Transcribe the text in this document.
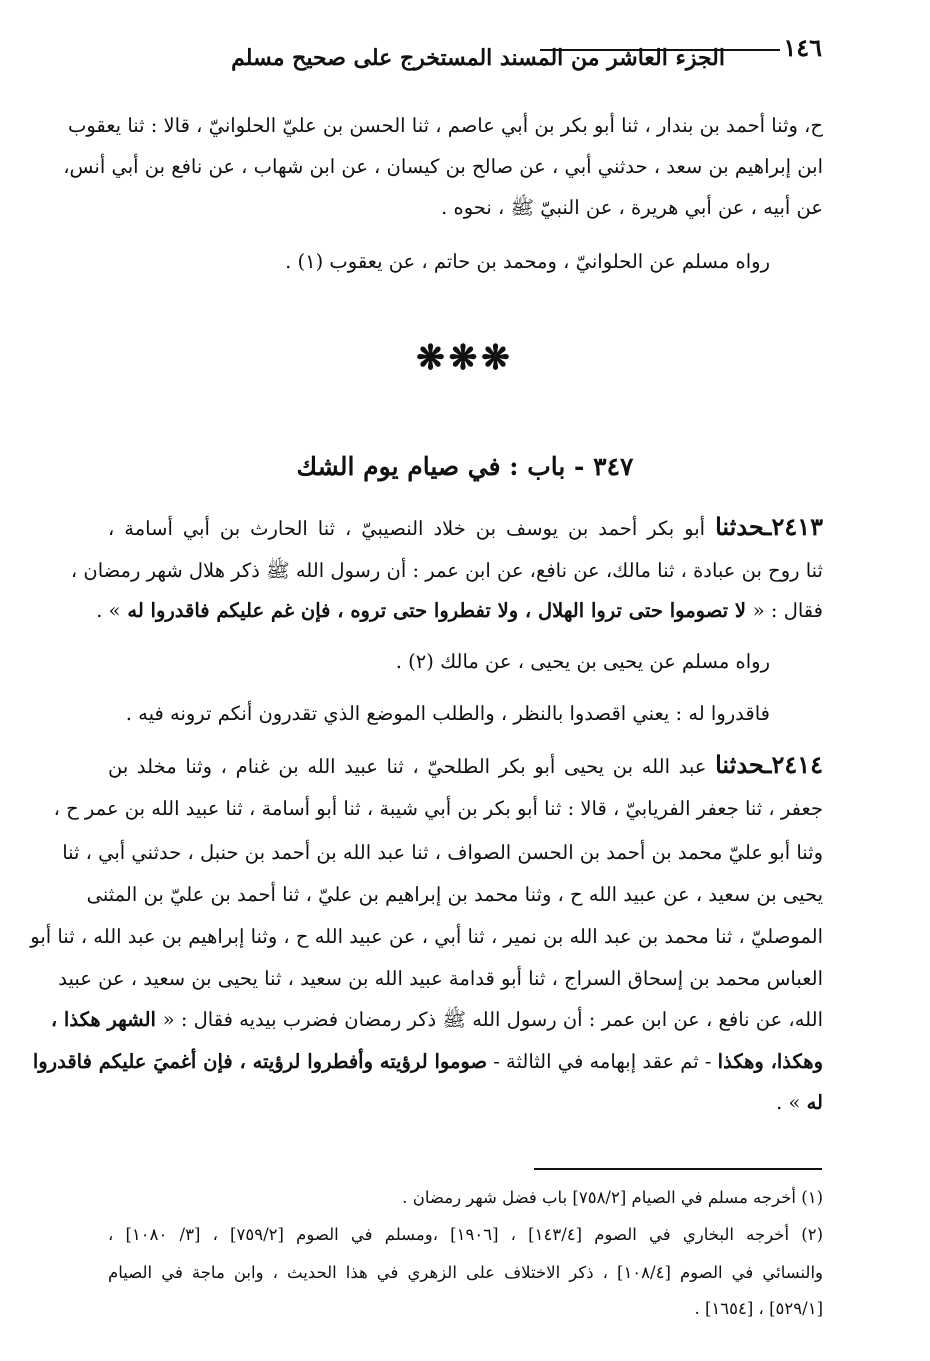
١٤٦
الجزء العاشر من المسند المستخرج على صحيح مسلم
ح، وثنا أحمد بن بندار ، ثنا أبو بكر بن أبي عاصم ، ثنا الحسن بن عليّ الحلوانيّ ، قالا : ثنا يعقوب
ابن إبراهيم بن سعد ، حدثني أبي ، عن صالح بن كيسان ، عن ابن شهاب ، عن نافع بن أبي أنس،
عن أبيه ، عن أبي هريرة ، عن النبيّ ﷺ ، نحوه .
رواه مسلم عن الحلوانيّ ، ومحمد بن حاتم ، عن يعقوب (١) .
❋❋❋
٣٤٧ - باب : في صيام يوم الشك
٢٤١٣ـحدثنا أبو بكر أحمد بن يوسف بن خلاد النصيبيّ ، ثنا الحارث بن أبي أسامة ،
ثنا روح بن عبادة ، ثنا مالك، عن نافع، عن ابن عمر : أن رسول الله ﷺ ذكر هلال شهر رمضان ،
فقال : « لا تصوموا حتى تروا الهلال ، ولا تفطروا حتى تروه ، فإن غم عليكم فاقدروا له » .
رواه مسلم عن يحيى بن يحيى ، عن مالك (٢) .
فاقدروا له : يعني اقصدوا بالنظر ، والطلب الموضع الذي تقدرون أنكم ترونه فيه .
٢٤١٤ـحدثنا عبد الله بن يحيى أبو بكر الطلحيّ ، ثنا عبيد الله بن غنام ، وثنا مخلد بن
جعفر ، ثنا جعفر الفريابيّ ، قالا : ثنا أبو بكر بن أبي شيبة ، ثنا أبو أسامة ، ثنا عبيد الله بن عمر ح ،
وثنا أبو عليّ محمد بن أحمد بن الحسن الصواف ، ثنا عبد الله بن أحمد بن حنبل ، حدثني أبي ، ثنا
يحيى بن سعيد ، عن عبيد الله ح ، وثنا محمد بن إبراهيم بن عليّ ، ثنا أحمد بن عليّ بن المثنى
الموصليّ ، ثنا محمد بن عبد الله بن نمير ، ثنا أبي ، عن عبيد الله ح ، وثنا إبراهيم بن عبد الله ، ثنا أبو
العباس محمد بن إسحاق السراج ، ثنا أبو قدامة عبيد الله بن سعيد ، ثنا يحيى بن سعيد ، عن عبيد
الله، عن نافع ، عن ابن عمر : أن رسول الله ﷺ ذكر رمضان فضرب بيديه فقال : « الشهر هكذا ،
وهكذا، وهكذا - ثم عقد إبهامه في الثالثة - صوموا لرؤيته وأفطروا لرؤيته ، فإن أغميَ عليكم فاقدروا
له » .
(١) أخرجه مسلم في الصيام [٧٥٨/٢] باب فضل شهر رمضان .
(٢) أخرجه البخاري في الصوم [١٤٣/٤] ، [١٩٠٦] ،ومسلم في الصوم [٧٥٩/٢] ، [٣/ ١٠٨٠] ،
والنسائي في الصوم [١٠٨/٤] ، ذكر الاختلاف على الزهري في هذا الحديث ، وابن ماجة في الصيام
[٥٢٩/١] ، [١٦٥٤] .
